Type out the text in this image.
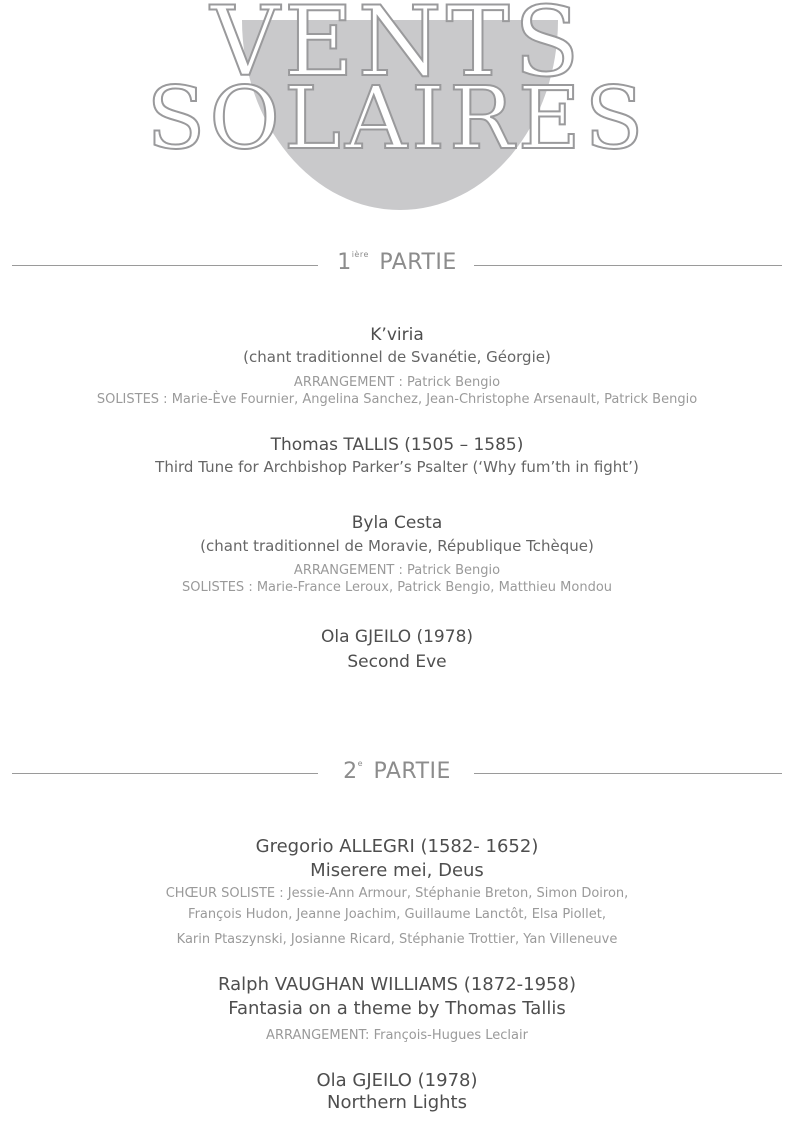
VENTS
SOLAIRES
$1^{ière}$ PARTIE
K’viria
(chant traditionnel de Svanétie, Géorgie)
ARRANGEMENT : Patrick Bengio
SOLISTES : Marie-Ève Fournier, Angelina Sanchez, Jean-Christophe Arsenault, Patrick Bengio
Thomas TALLIS (1505 – 1585)
Third Tune for Archbishop Parker’s Psalter (‘Why fum’th in fight’)
Byla Cesta
(chant traditionnel de Moravie, République Tchèque)
ARRANGEMENT : Patrick Bengio
SOLISTES : Marie-France Leroux, Patrick Bengio, Matthieu Mondou
Ola GJEILO (1978)
Second Eve
2e PARTIE
Gregorio ALLEGRI (1582- 1652)
Miserere mei, Deus
CHŒUR SOLISTE : Jessie-Ann Armour, Stéphanie Breton, Simon Doiron,
François Hudon, Jeanne Joachim, Guillaume Lanctôt, Elsa Piollet,
Karin Ptaszynski, Josianne Ricard, Stéphanie Trottier, Yan Villeneuve
Ralph VAUGHAN WILLIAMS (1872-1958)
Fantasia on a theme by Thomas Tallis
ARRANGEMENT: François-Hugues Leclair
Ola GJEILO (1978)
Northern Lights
